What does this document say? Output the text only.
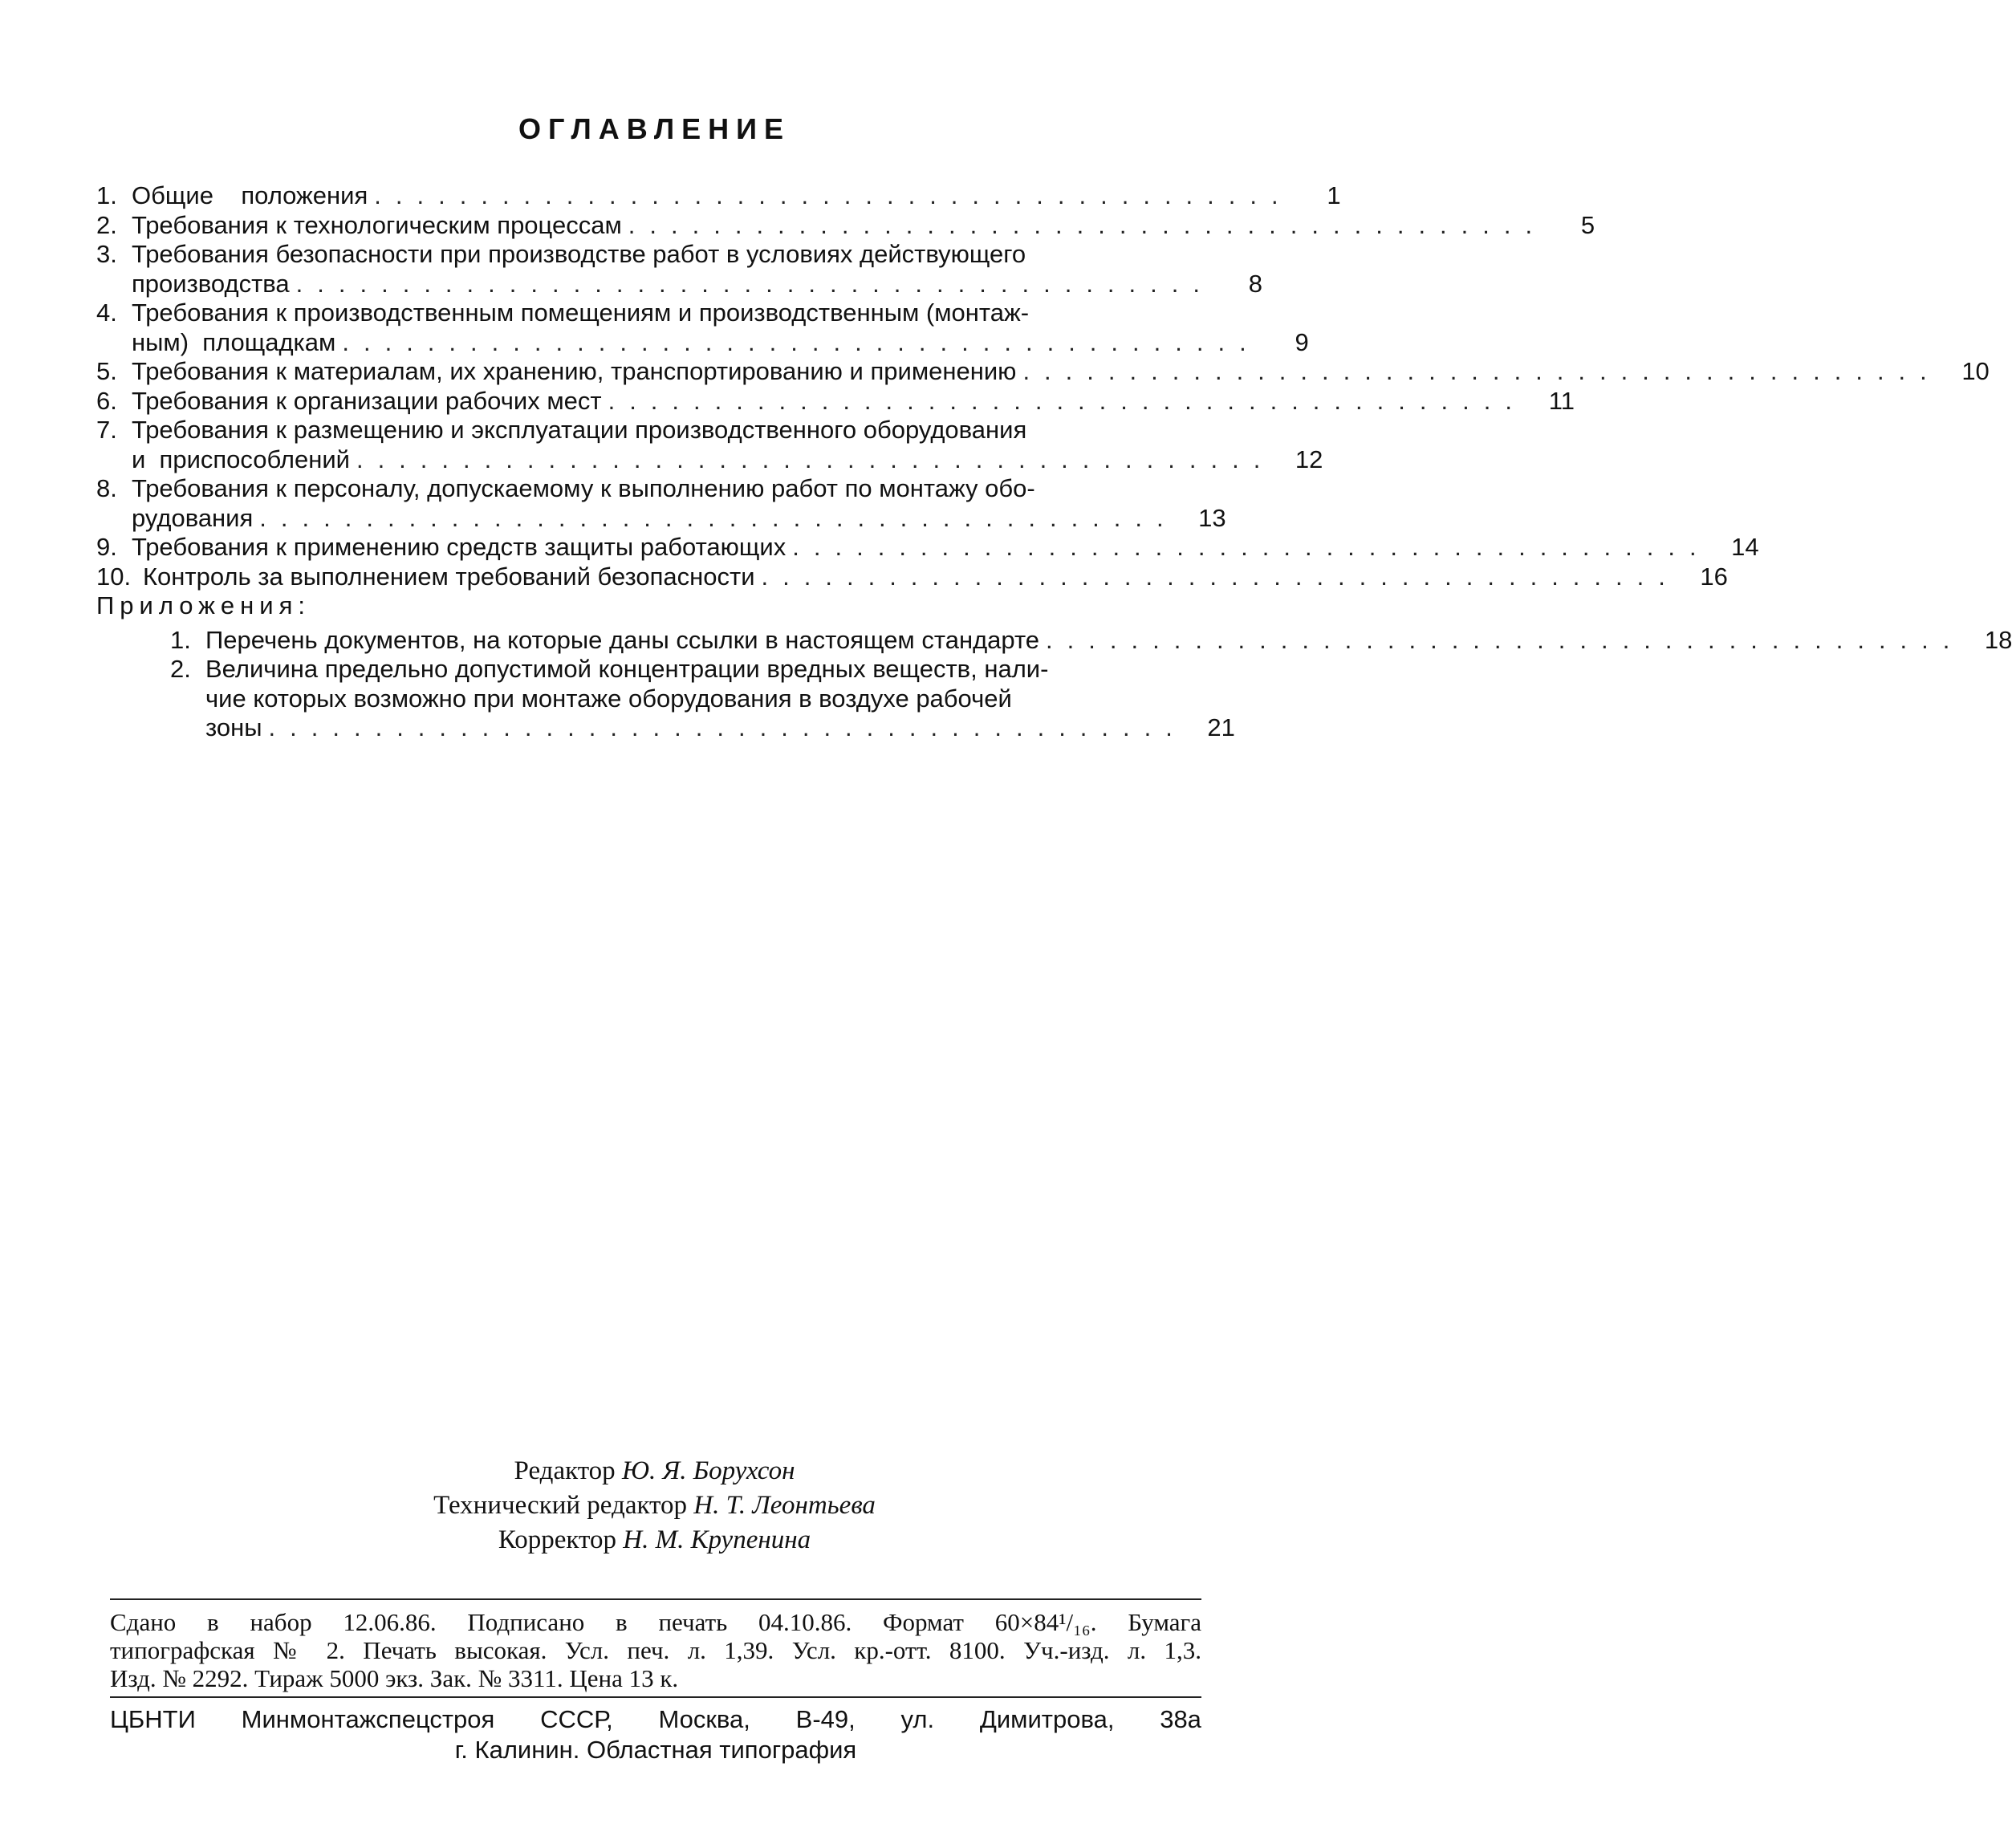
ОГЛАВЛЕНИЕ
1. Общие    положения ...........................................	1
2. Требования к технологическим процессам ...........................................	5
3. Требования безопасности при производстве работ в условиях действующего
производства ...........................................	8
4. Требования к производственным помещениям и производственным (монтаж-
ным)  площадкам ...........................................	9
5. Требования к материалам, их хранению, транспортированию и применению ........................................... 10
6. Требования к организации рабочих мест ........................................... 11
7. Требования к размещению и эксплуатации производственного оборудования
и  приспособлений ........................................... 12
8. Требования к персоналу, допускаемому к выполнению работ по монтажу обо-
рудования ........................................... 13
9. Требования к применению средств защиты работающих ........................................... 14
10. Контроль за выполнением требований безопасности ........................................... 16
Приложения:
1. Перечень документов, на которые даны ссылки в настоящем стандарте ........................................... 18
2. Величина предельно допустимой концентрации вредных веществ, нали-
чие которых возможно при монтаже оборудования в воздухе рабочей
зоны ........................................... 21
Редактор Ю. Я. Борухсон
Технический редактор Н. Т. Леонтьева
Корректор Н. М. Крупенина
Сдано в набор 12.06.86. Подписано в печать 04.10.86. Формат 60×84¹/₁₆. Бумага
типографская № 2. Печать высокая. Усл. печ. л. 1,39. Усл. кр.-отт. 8100. Уч.-изд. л. 1,3.
Изд. № 2292. Тираж 5000 экз. Зак. № 3311. Цена 13 к.
ЦБНТИ Минмонтажспецстроя СССР, Москва, В-49, ул. Димитрова, 38а
г. Калинин. Областная типография
